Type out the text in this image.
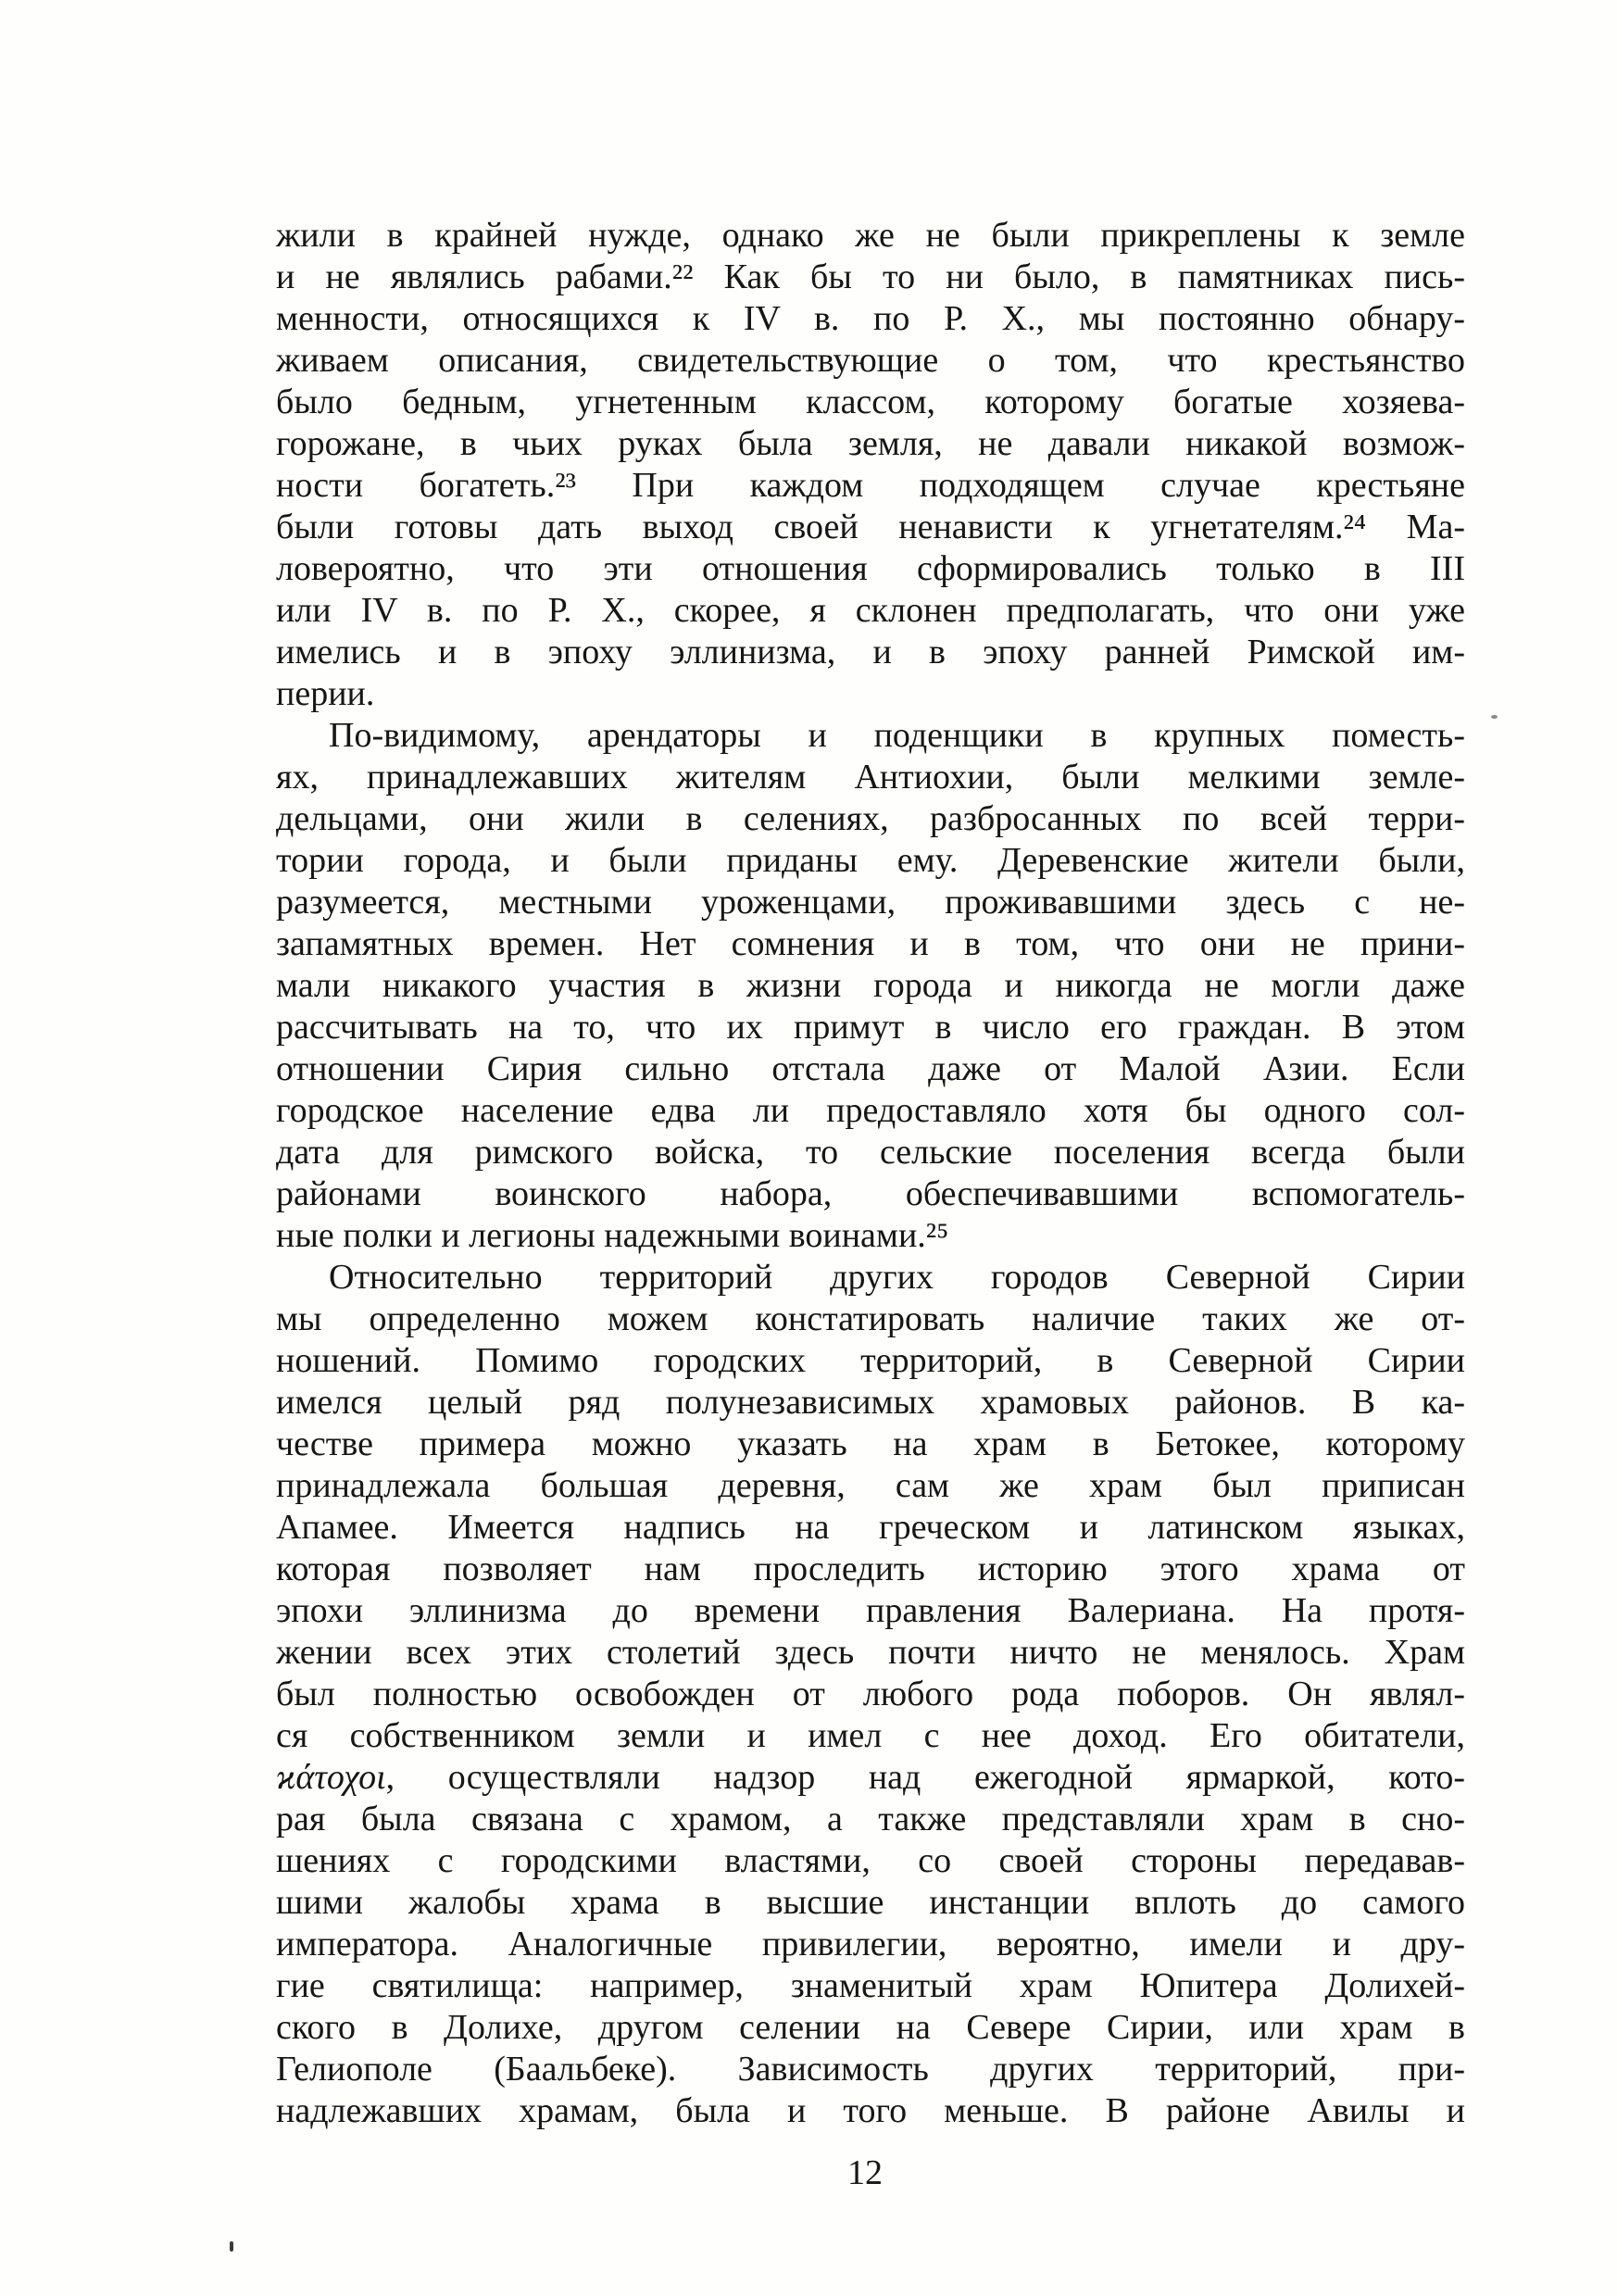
жили в крайней нужде, однако же не были прикреплены к земле
и не являлись рабами.²² Как бы то ни было, в памятниках пись-
менности, относящихся к IV в. по Р. Х., мы постоянно обнару-
живаем описания, свидетельствующие о том, что крестьянство
было бедным, угнетенным классом, которому богатые хозяева-
горожане, в чьих руках была земля, не давали никакой возмож-
ности богатеть.²³ При каждом подходящем случае крестьяне
были готовы дать выход своей ненависти к угнетателям.²⁴ Ма-
ловероятно, что эти отношения сформировались только в III
или IV в. по Р. Х., скорее, я склонен предполагать, что они уже
имелись и в эпоху эллинизма, и в эпоху ранней Римской им-
перии.
По-видимому, арендаторы и поденщики в крупных поместь-
ях, принадлежавших жителям Антиохии, были мелкими земле-
дельцами, они жили в селениях, разбросанных по всей терри-
тории города, и были приданы ему. Деревенские жители были,
разумеется, местными уроженцами, проживавшими здесь с не-
запамятных времен. Нет сомнения и в том, что они не прини-
мали никакого участия в жизни города и никогда не могли даже
рассчитывать на то, что их примут в число его граждан. В этом
отношении Сирия сильно отстала даже от Малой Азии. Если
городское население едва ли предоставляло хотя бы одного сол-
дата для римского войска, то сельские поселения всегда были
районами воинского набора, обеспечивавшими вспомогатель-
ные полки и легионы надежными воинами.²⁵
Относительно территорий других городов Северной Сирии
мы определенно можем констатировать наличие таких же от-
ношений. Помимо городских территорий, в Северной Сирии
имелся целый ряд полунезависимых храмовых районов. В ка-
честве примера можно указать на храм в Бетокее, которому
принадлежала большая деревня, сам же храм был приписан
Апамее. Имеется надпись на греческом и латинском языках,
которая позволяет нам проследить историю этого храма от
эпохи эллинизма до времени правления Валериана. На протя-
жении всех этих столетий здесь почти ничто не менялось. Храм
был полностью освобожден от любого рода поборов. Он являл-
ся собственником земли и имел с нее доход. Его обитатели,
ϰάτοχοι, осуществляли надзор над ежегодной ярмаркой, кото-
рая была связана с храмом, а также представляли храм в сно-
шениях с городскими властями, со своей стороны передавав-
шими жалобы храма в высшие инстанции вплоть до самого
императора. Аналогичные привилегии, вероятно, имели и дру-
гие святилища: например, знаменитый храм Юпитера Долихей-
ского в Долихе, другом селении на Севере Сирии, или храм в
Гелиополе (Баальбеке). Зависимость других территорий, при-
надлежавших храмам, была и того меньше. В районе Авилы и
12
